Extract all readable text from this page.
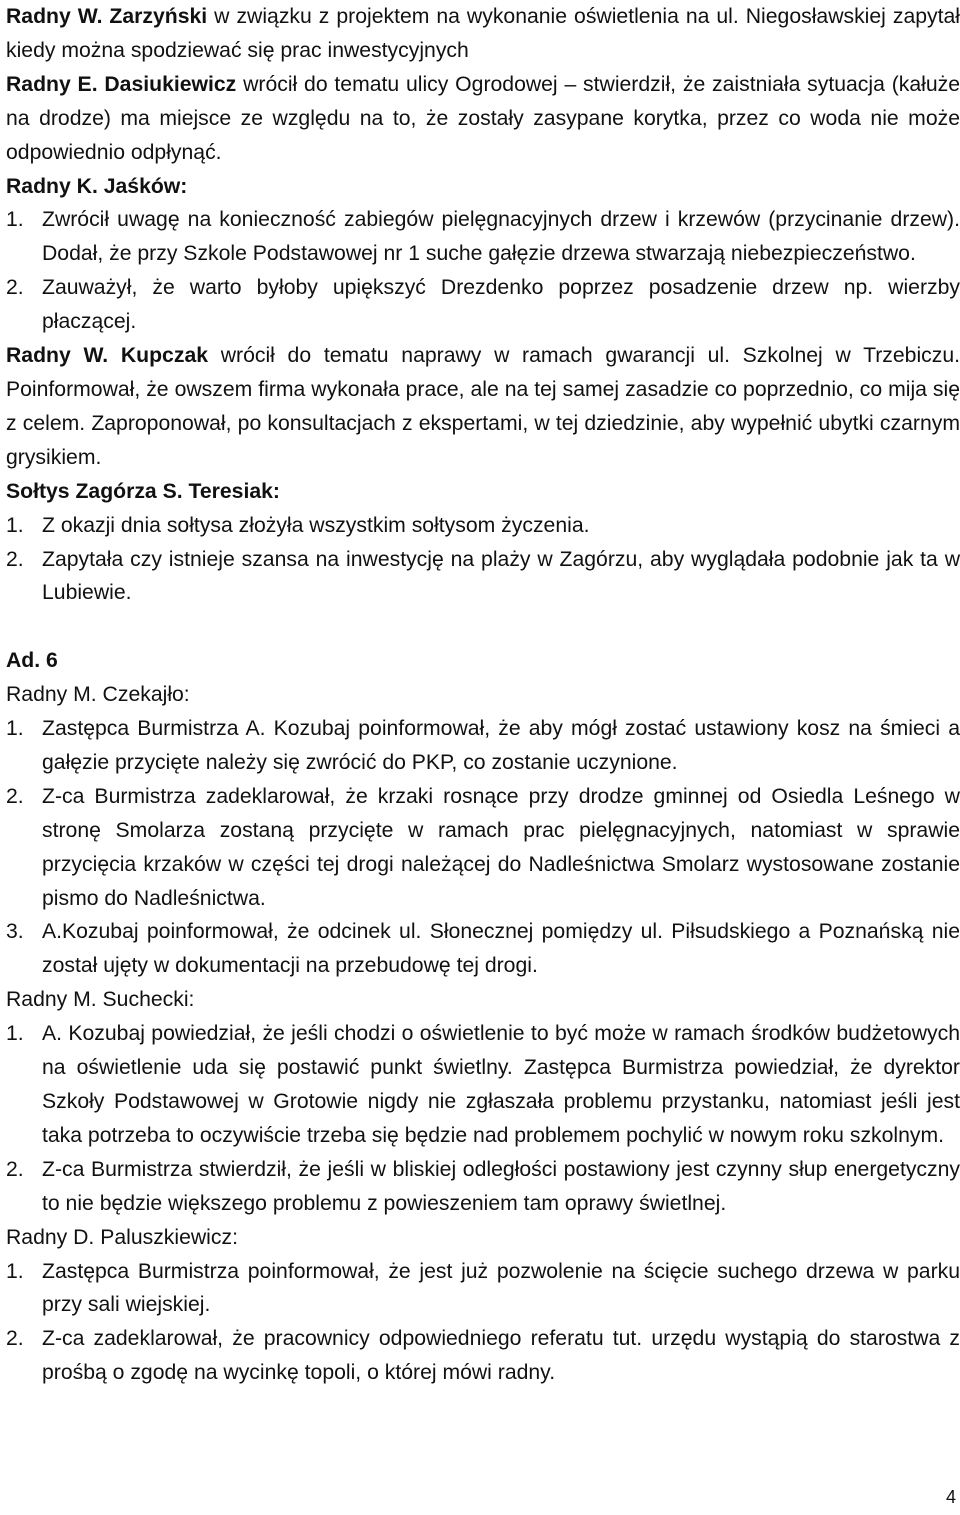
Radny W. Zarzyński w związku z projektem na wykonanie oświetlenia na ul. Niegosławskiej zapytał kiedy można spodziewać się prac inwestycyjnych

Radny E. Dasiukiewicz wrócił do tematu ulicy Ogrodowej – stwierdził, że zaistniała sytuacja (kałuże na drodze) ma miejsce ze względu na to, że zostały zasypane korytka, przez co woda nie może odpowiednio odpłynąć.

Radny K. Jaśków:

1. Zwrócił uwagę na konieczność zabiegów pielęgnacyjnych drzew i krzewów (przycinanie drzew). Dodał, że przy Szkole Podstawowej nr 1 suche gałęzie drzewa stwarzają niebezpieczeństwo.

2. Zauważył, że warto byłoby upiększyć Drezdenko poprzez posadzenie drzew np. wierzby płaczącej.

Radny W. Kupczak wrócił do tematu naprawy w ramach gwarancji ul. Szkolnej w Trzebiczu. Poinformował, że owszem firma wykonała prace, ale na tej samej zasadzie co poprzednio, co mija się z celem. Zaproponował, po konsultacjach z ekspertami, w tej dziedzinie, aby wypełnić ubytki czarnym grysikiem.

Sołtys Zagórza S. Teresiak:

1. Z okazji dnia sołtysa złożyła wszystkim sołtysom życzenia.

2. Zapytała czy istnieje szansa na inwestycję na plaży w Zagórzu, aby wyglądała podobnie jak ta w Lubiewie.

Ad. 6

Radny M. Czekajło:

1. Zastępca Burmistrza A. Kozubaj poinformował, że aby mógł zostać ustawiony kosz na śmieci a gałęzie przycięte należy się zwrócić do PKP, co zostanie uczynione.

2. Z-ca Burmistrza zadeklarował, że krzaki rosnące przy drodze gminnej od Osiedla Leśnego w stronę Smolarza zostaną przycięte w ramach prac pielęgnacyjnych, natomiast w sprawie przycięcia krzaków w części tej drogi należącej do Nadleśnictwa Smolarz wystosowane zostanie pismo do Nadleśnictwa.

3. A.Kozubaj poinformował, że odcinek ul. Słonecznej pomiędzy ul. Piłsudskiego a Poznańską nie został ujęty w dokumentacji na przebudowę tej drogi.

Radny M. Suchecki:

1. A. Kozubaj powiedział, że jeśli chodzi o oświetlenie to być może w ramach środków budżetowych na oświetlenie uda się postawić punkt świetlny. Zastępca Burmistrza powiedział, że dyrektor Szkoły Podstawowej w Grotowie nigdy nie zgłaszała problemu przystanku, natomiast jeśli jest taka potrzeba to oczywiście trzeba się będzie nad problemem pochylić w nowym roku szkolnym.

2. Z-ca Burmistrza stwierdził, że jeśli w bliskiej odległości postawiony jest czynny słup energetyczny to nie będzie większego problemu z powieszeniem tam oprawy świetlnej.

Radny D. Paluszkiewicz:

1. Zastępca Burmistrza poinformował, że jest już pozwolenie na ścięcie suchego drzewa w parku przy sali wiejskiej.

2. Z-ca zadeklarował, że pracownicy odpowiedniego referatu tut. urzędu wystąpią do starostwa z prośbą o zgodę na wycinkę topoli, o której mówi radny.

4
